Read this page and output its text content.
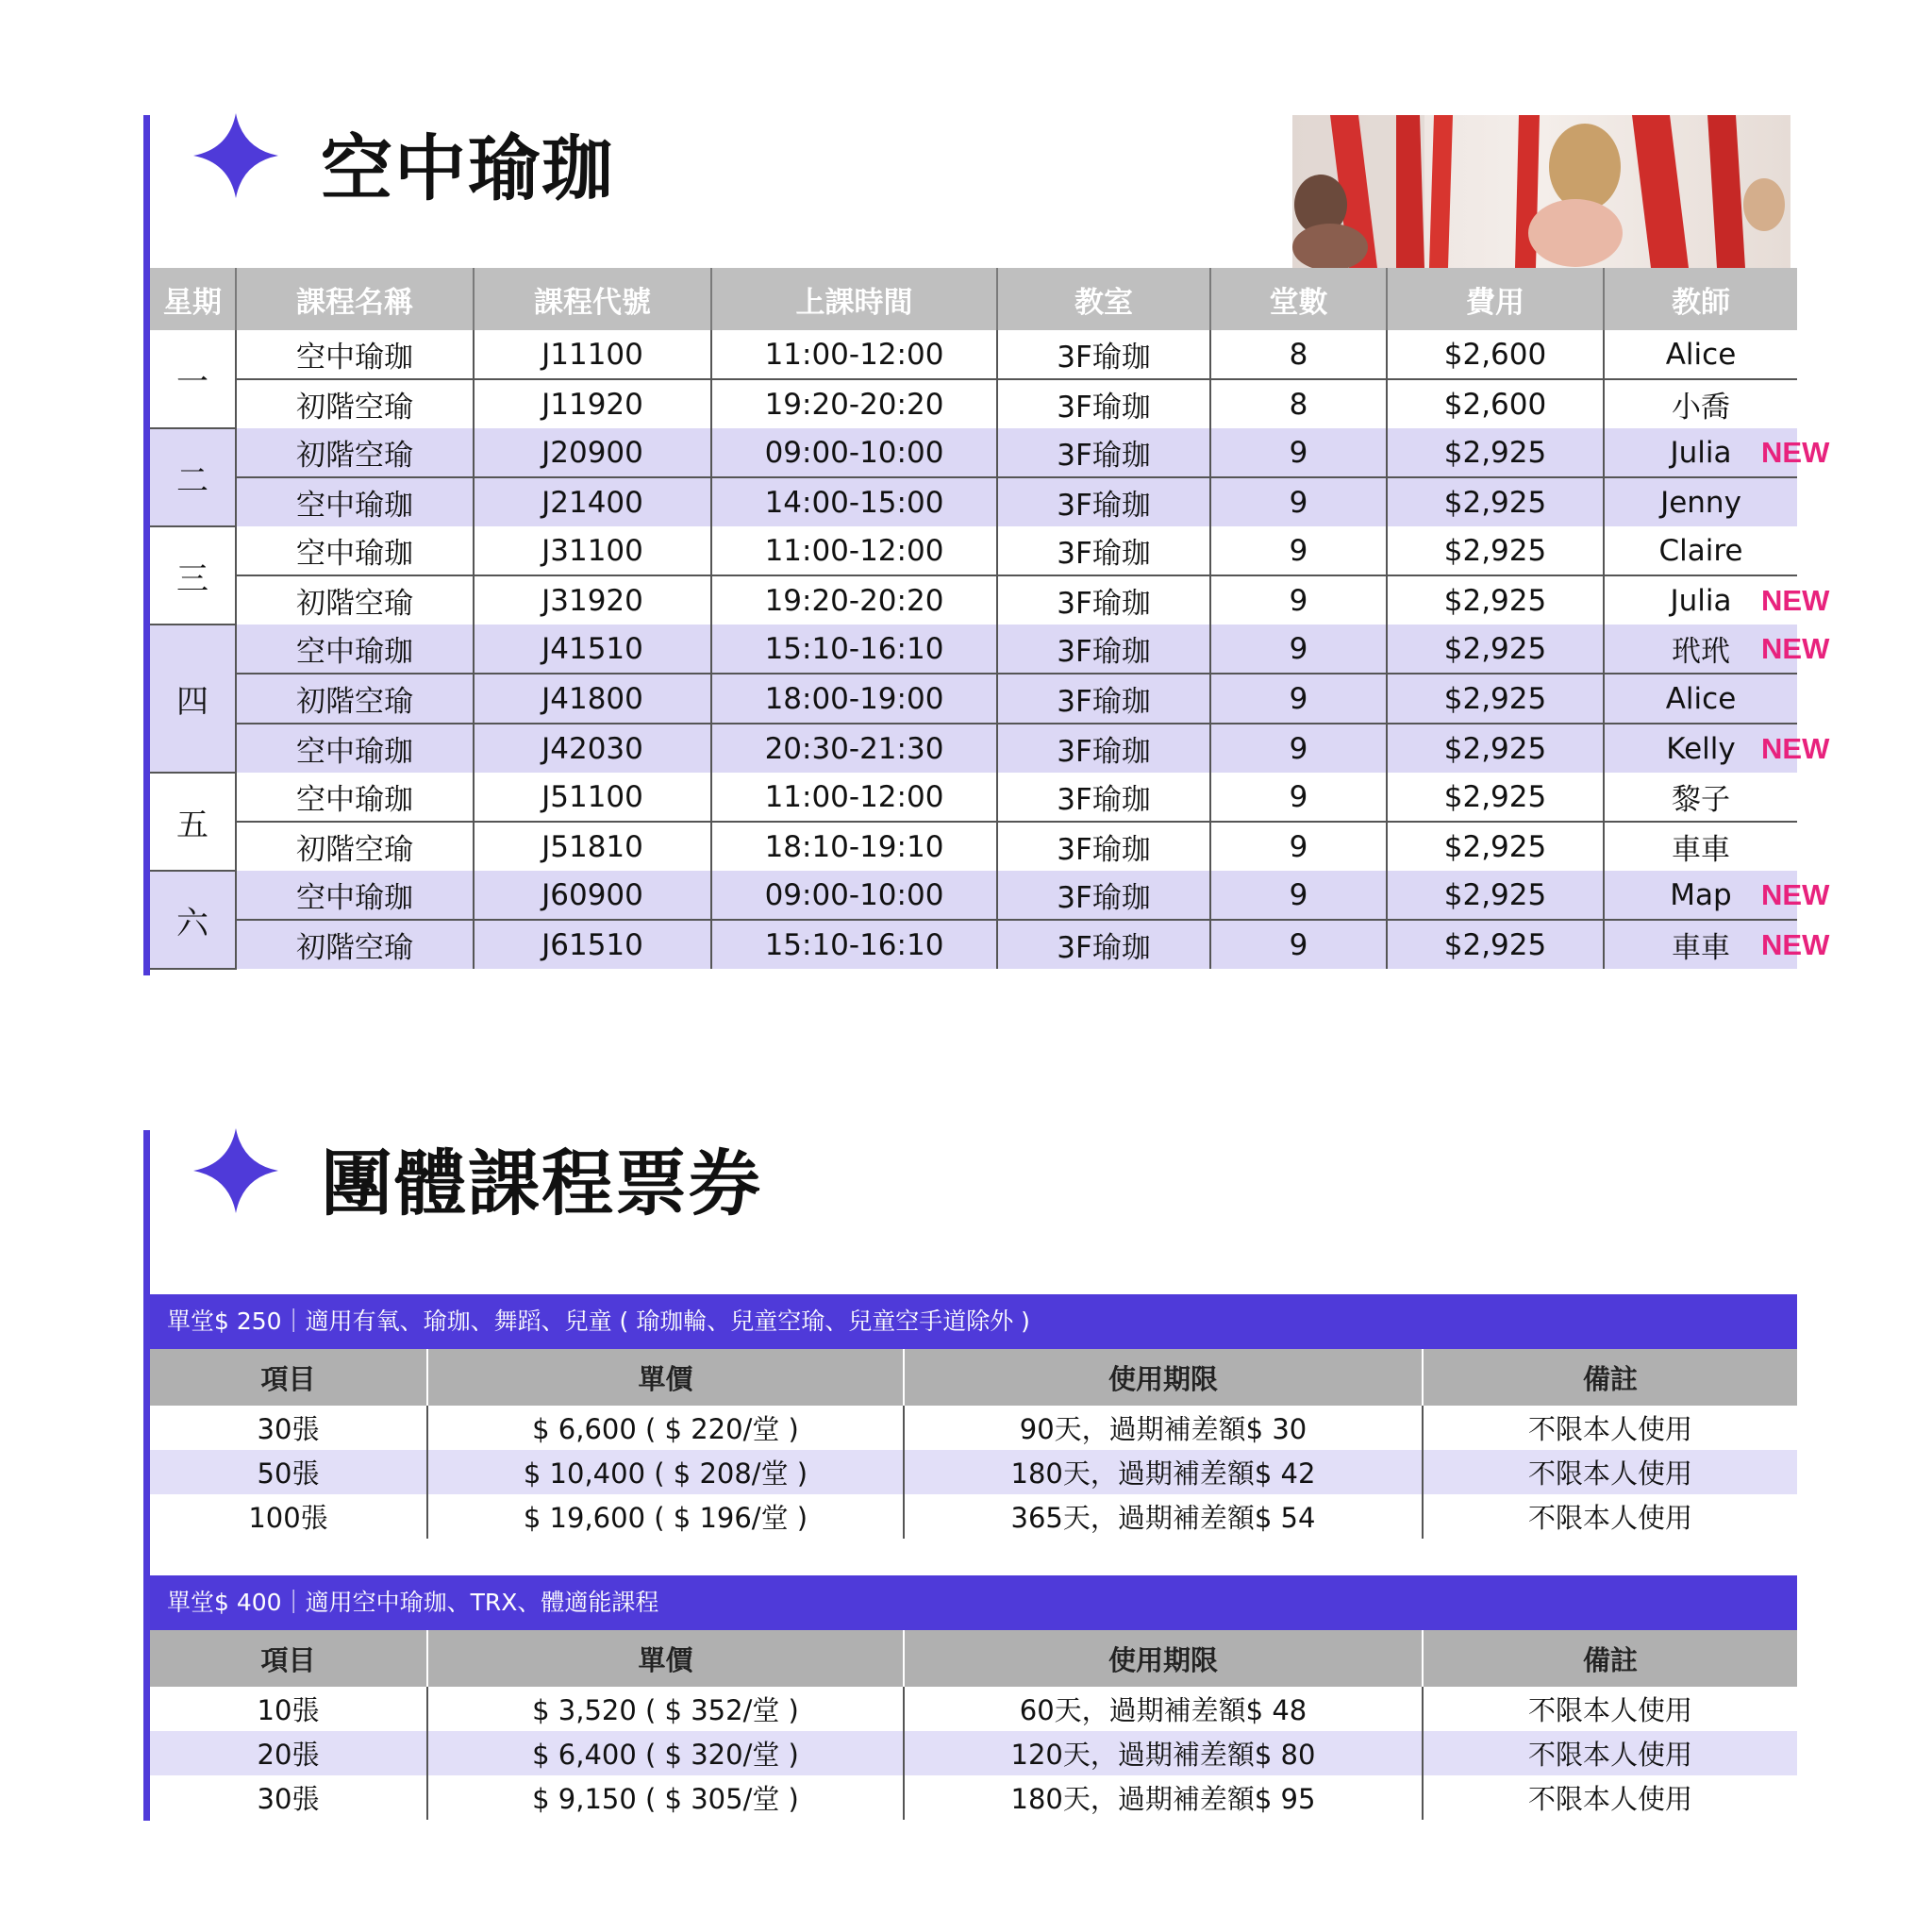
空中瑜珈
星期	課程名稱	課程代號	上課時間	教室	堂數	費用	教師
一	空中瑜珈	J11100	11:00-12:00	3F瑜珈	8	$2,600	Alice
	初階空瑜	J11920	19:20-20:20	3F瑜珈	8	$2,600	小喬
二	初階空瑜	J20900	09:00-10:00	3F瑜珈	9	$2,925	Julia NEW

	空中瑜珈	J21400	14:00-15:00	3F瑜珈	9	$2,925	Jenny
三	空中瑜珈	J31100	11:00-12:00	3F瑜珈	9	$2,925	Claire
	初階空瑜	J31920	19:20-20:20	3F瑜珈	9	$2,925	Julia NEW

四	空中瑜珈	J41510	15:10-16:10	3F瑜珈	9	$2,925	玳玳 NEW

	初階空瑜	J41800	18:00-19:00	3F瑜珈	9	$2,925	Alice
	空中瑜珈	J42030	20:30-21:30	3F瑜珈	9	$2,925	Kelly NEW

五	空中瑜珈	J51100	11:00-12:00	3F瑜珈	9	$2,925	黎子
	初階空瑜	J51810	18:10-19:10	3F瑜珈	9	$2,925	車車
六	空中瑜珈	J60900	09:00-10:00	3F瑜珈	9	$2,925	Map NEW

	初階空瑜	J61510	15:10-16:10	3F瑜珈	9	$2,925	車車 NEW
團體課程票券
單堂$ 250｜適用有氧、瑜珈、舞蹈、兒童 ( 瑜珈輪、兒童空瑜、兒童空手道除外 )
項目	單價	使用期限	備註
30張	$ 6,600 ( $ 220/堂 )	90天，過期補差額$ 30	不限本人使用
50張	$ 10,400 ( $ 208/堂 )	180天，過期補差額$ 42	不限本人使用
100張	$ 19,600 ( $ 196/堂 )	365天，過期補差額$ 54	不限本人使用
單堂$ 400｜適用空中瑜珈、TRX、體適能課程
項目	單價	使用期限	備註
10張	$ 3,520 ( $ 352/堂 )	60天，過期補差額$ 48	不限本人使用
20張	$ 6,400 ( $ 320/堂 )	120天，過期補差額$ 80	不限本人使用
30張	$ 9,150 ( $ 305/堂 )	180天，過期補差額$ 95	不限本人使用
